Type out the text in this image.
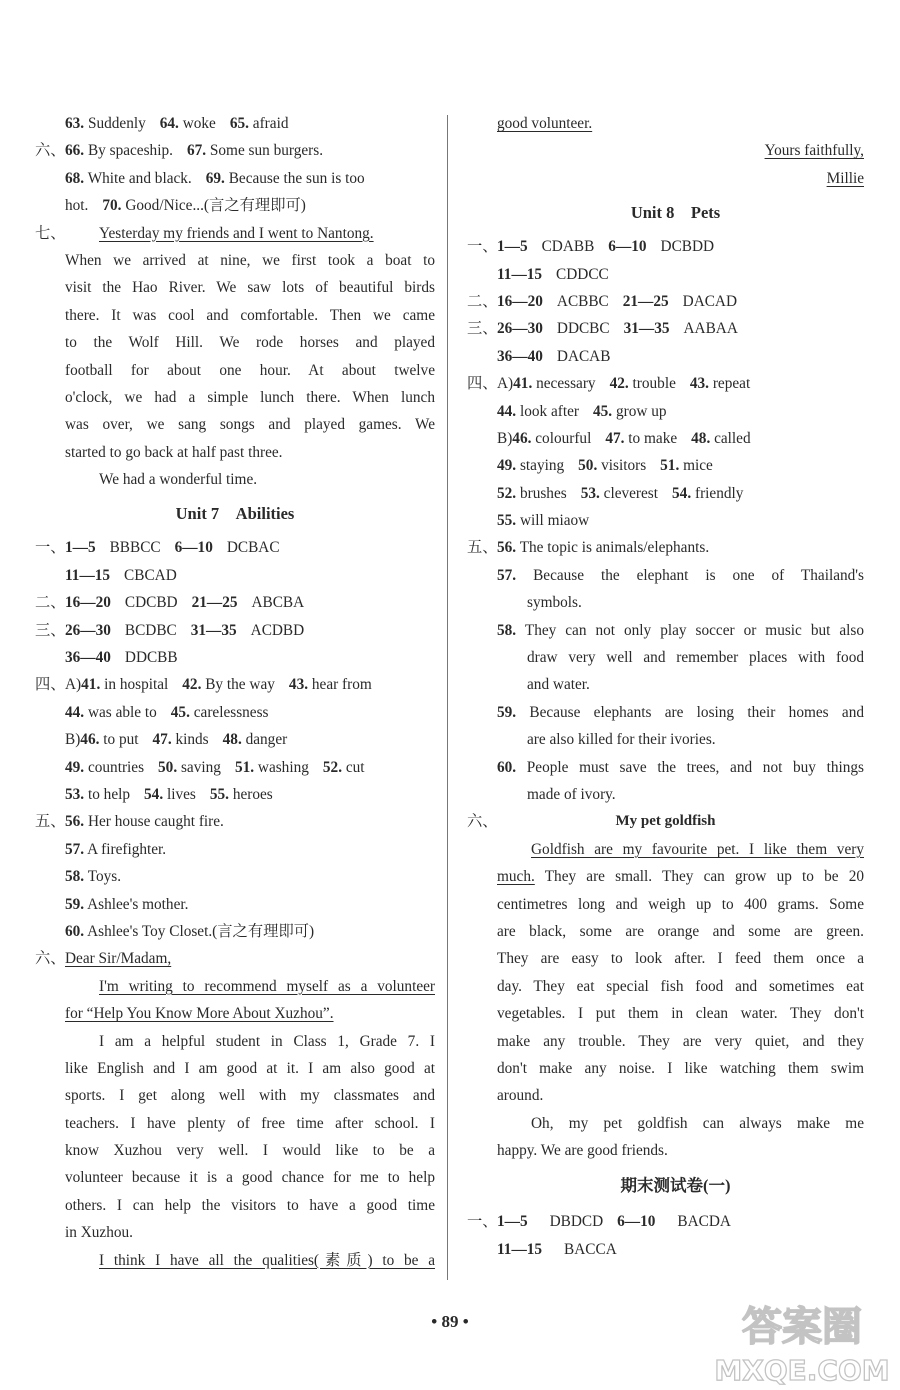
63. Suddenly 64. woke 65. afraid
六、66. By spaceship. 67. Some sun burgers.
68. White and black. 69. Because the sun is too
hot. 70. Good/Nice...(言之有理即可)
七、 Yesterday my friends and I went to Nantong.
When we arrived at nine, we first took a boat to
visit the Hao River. We saw lots of beautiful birds
there. It was cool and comfortable. Then we came
to the Wolf Hill. We rode horses and played
football for about one hour. At about twelve
o'clock, we had a simple lunch there. When lunch
was over, we sang songs and played games. We
started to go back at half past three.
We had a wonderful time.
Unit 7　Abilities
一、1—5 BBBCC 6—10 DCBAC
11—15 CBCAD
二、16—20 CDCBD 21—25 ABCBA
三、26—30 BCDBC 31—35 ACDBD
36—40 DDCBB
四、A)41. in hospital 42. By the way 43. hear from
44. was able to 45. carelessness
B)46. to put 47. kinds 48. danger
49. countries 50. saving 51. washing 52. cut
53. to help 54. lives 55. heroes
五、56. Her house caught fire.
57. A firefighter.
58. Toys.
59. Ashlee's mother.
60. Ashlee's Toy Closet.(言之有理即可)
六、Dear Sir/Madam,
I'm writing to recommend myself as a volunteer
for “Help You Know More About Xuzhou”.
I am a helpful student in Class 1, Grade 7. I
like English and I am good at it. I am also good at
sports. I get along well with my classmates and
teachers. I have plenty of free time after school. I
know Xuzhou very well. I would like to be a
volunteer because it is a good chance for me to help
others. I can help the visitors to have a good time
in Xuzhou.
I think I have all the qualities(素质) to be a
good volunteer.
Yours faithfully,
Millie
Unit 8　Pets
一、1—5 CDABB 6—10 DCBDD
11—15 CDDCC
二、16—20 ACBBC 21—25 DACAD
三、26—30 DDCBC 31—35 AABAA
36—40 DACAB
四、A)41. necessary 42. trouble 43. repeat
44. look after 45. grow up
B)46. colourful 47. to make 48. called
49. staying 50. visitors 51. mice
52. brushes 53. cleverest 54. friendly
55. will miaow
五、56. The topic is animals/elephants.
57. Because the elephant is one of Thailand's
symbols.
58. They can not only play soccer or music but also
draw very well and remember places with food
and water.
59. Because elephants are losing their homes and
are also killed for their ivories.
60. People must save the trees, and not buy things
made of ivory.
六、	My pet goldfish
Goldfish are my favourite pet. I like them very
much. They are small. They can grow up to be 20
centimetres long and weigh up to 400 grams. Some
are black, some are orange and some are green.
They are easy to look after. I feed them once a
day. They eat special fish food and sometimes eat
vegetables. I put them in clean water. They don't
make any trouble. They are very quiet, and they
don't make any noise. I like watching them swim
around.
Oh, my pet goldfish can always make me
happy. We are good friends.
期末测试卷(一)
一、1—5 DBDCD 6—10 BACDA
11—15 BACCA
• 89 •	答案圈
MXQE.COM
